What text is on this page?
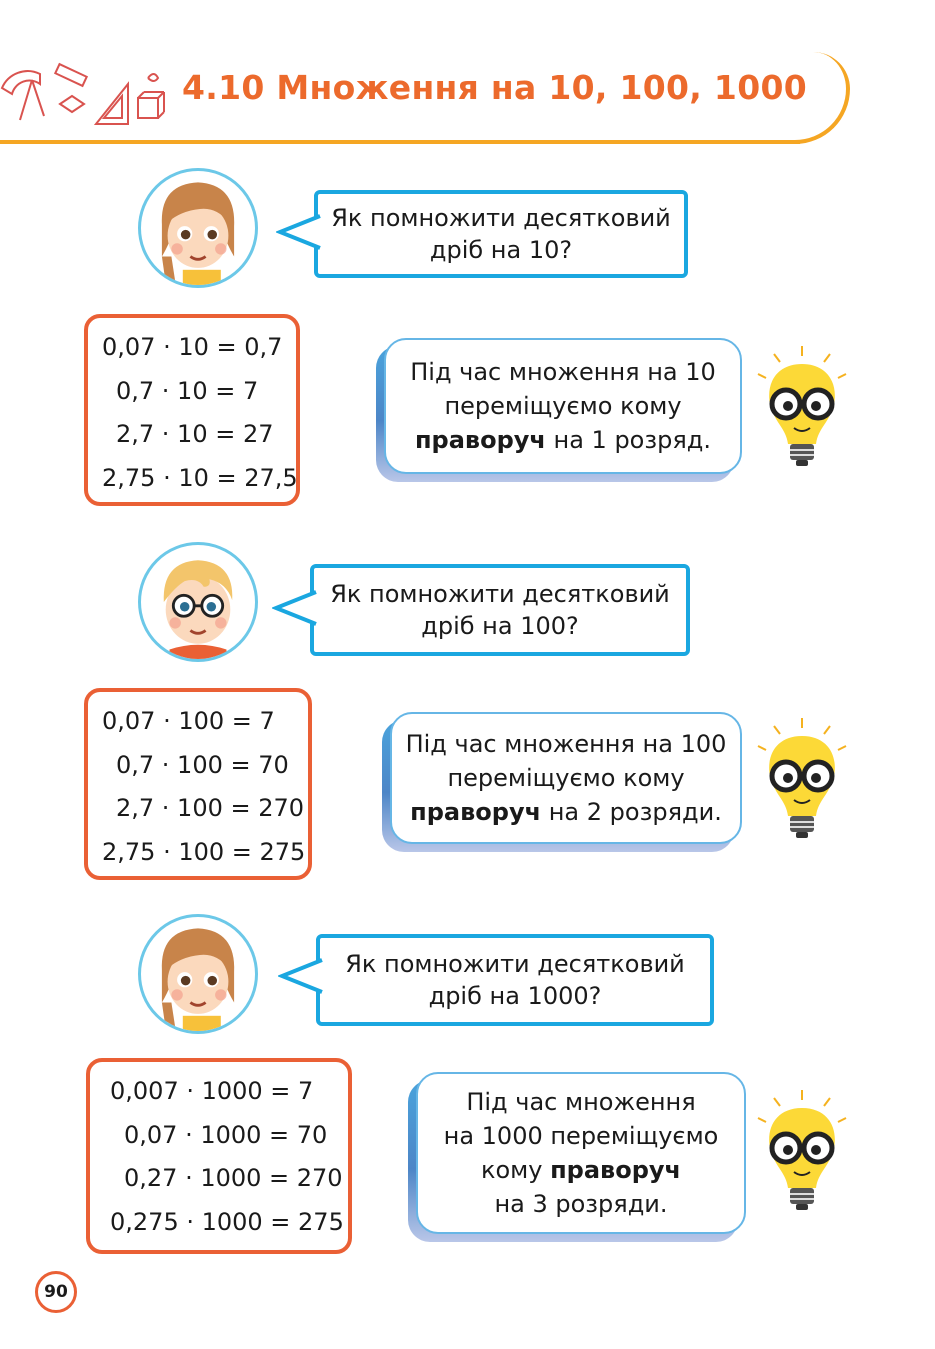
4.10 Множення на 10, 100, 1000
Як помножити десятковий
дріб на 10?
0,07 · 10 = 0,7
0,7 · 10 = 7
2,7 · 10 = 27
2,75 · 10 = 27,5
Під час множення на 10
переміщуємо кому
праворуч на 1 розряд.
Як помножити десятковий
дріб на 100?
0,07 · 100 = 7
0,7 · 100 = 70
2,7 · 100 = 270
2,75 · 100 = 275
Під час множення на 100
переміщуємо кому
праворуч на 2 розряди.
Як помножити десятковий
дріб на 1000?
0,007 · 1000 = 7
0,07 · 1000 = 70
0,27 · 1000 = 270
0,275 · 1000 = 275
Під час множення
на 1000 переміщуємо
кому праворуч
на 3 розряди.
90
